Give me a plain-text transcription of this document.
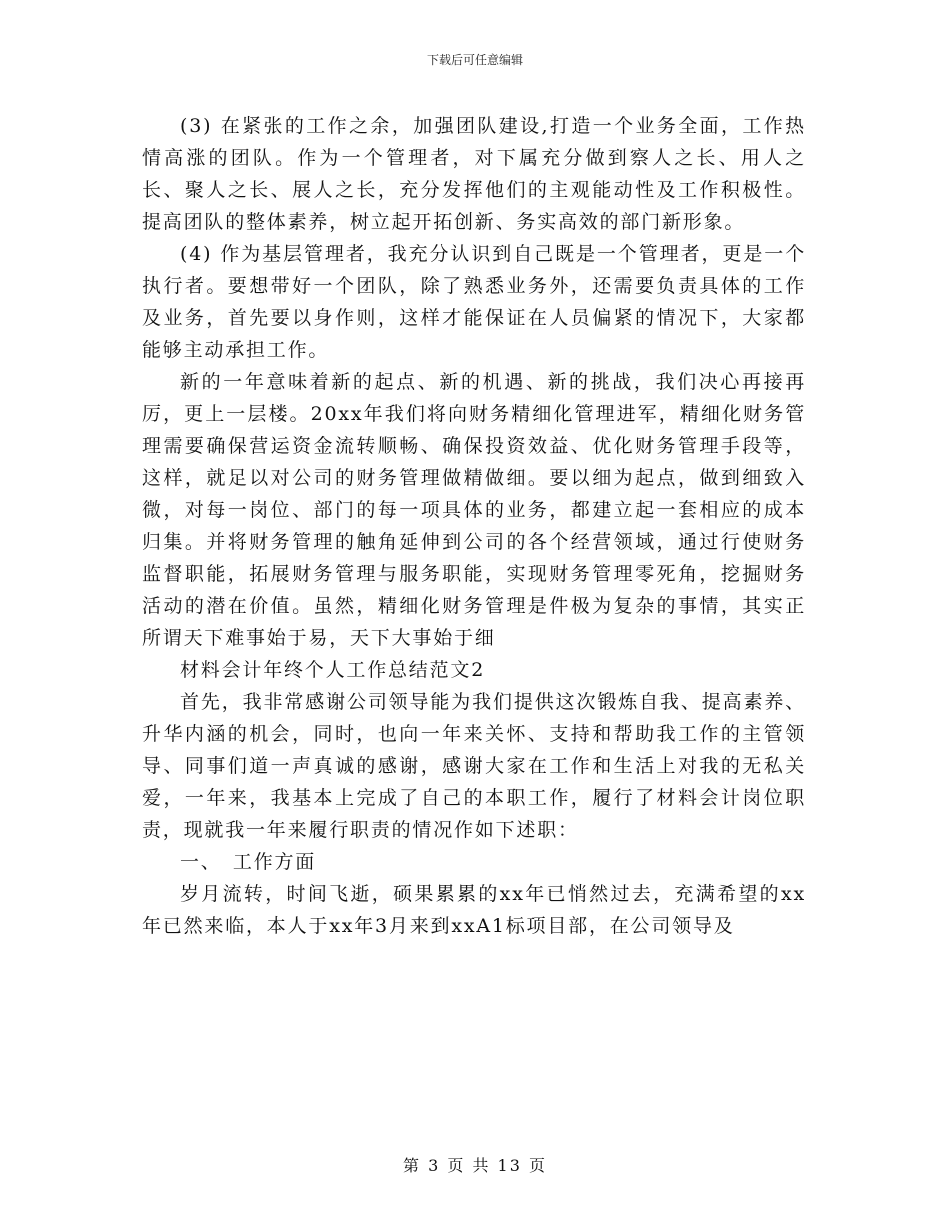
下载后可任意编辑

(3) 在紧张的工作之余，加强团队建设,打造一个业务全面，工作热情高涨的团队。作为一个管理者，对下属充分做到察人之长、用人之长、聚人之长、展人之长，充分发挥他们的主观能动性及工作积极性。提高团队的整体素养，树立起开拓创新、务实高效的部门新形象。

(4) 作为基层管理者，我充分认识到自己既是一个管理者，更是一个执行者。要想带好一个团队，除了熟悉业务外，还需要负责具体的工作及业务，首先要以身作则，这样才能保证在人员偏紧的情况下，大家都能够主动承担工作。

新的一年意味着新的起点、新的机遇、新的挑战，我们决心再接再厉，更上一层楼。20xx年我们将向财务精细化管理进军，精细化财务管理需要确保营运资金流转顺畅、确保投资效益、优化财务管理手段等，这样，就足以对公司的财务管理做精做细。要以细为起点，做到细致入微，对每一岗位、部门的每一项具体的业务，都建立起一套相应的成本归集。并将财务管理的触角延伸到公司的各个经营领域，通过行使财务监督职能，拓展财务管理与服务职能，实现财务管理零死角，挖掘财务活动的潜在价值。虽然，精细化财务管理是件极为复杂的事情，其实正所谓天下难事始于易，天下大事始于细

材料会计年终个人工作总结范文2

首先，我非常感谢公司领导能为我们提供这次锻炼自我、提高素养、升华内涵的机会，同时，也向一年来关怀、支持和帮助我工作的主管领导、同事们道一声真诚的感谢，感谢大家在工作和生活上对我的无私关爱，一年来，我基本上完成了自己的本职工作，履行了材料会计岗位职责，现就我一年来履行职责的情况作如下述职：

一、　工作方面

岁月流转，时间飞逝，硕果累累的xx年已悄然过去，充满希望的xx年已然来临，本人于xx年3月来到xxA1标项目部，在公司领导及

第 3 页 共 13 页
